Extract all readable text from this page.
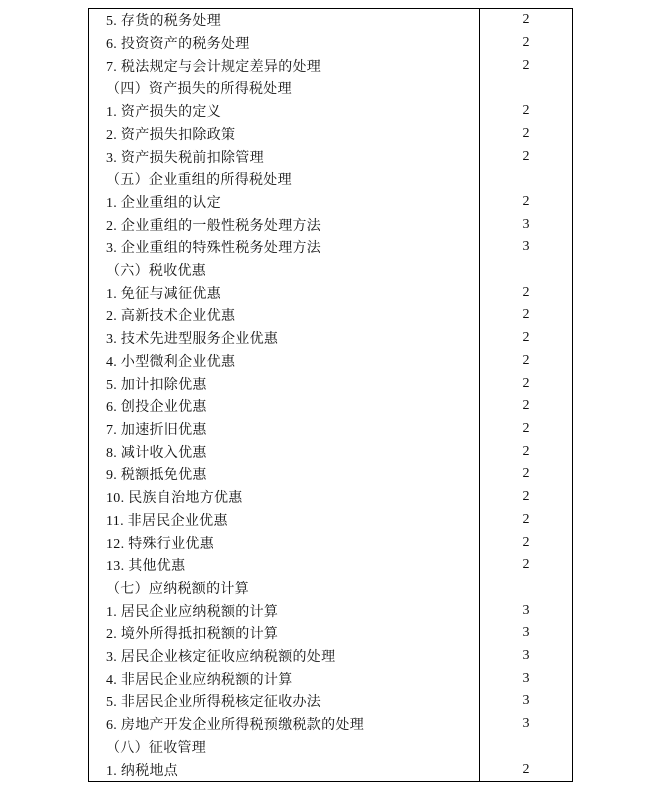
5. 存货的税务处理	2
6. 投资资产的税务处理	2
7. 税法规定与会计规定差异的处理	2
（四）资产损失的所得税处理
1. 资产损失的定义	2
2. 资产损失扣除政策	2
3. 资产损失税前扣除管理	2
（五）企业重组的所得税处理
1. 企业重组的认定	2
2. 企业重组的一般性税务处理方法	3
3. 企业重组的特殊性税务处理方法	3
（六）税收优惠
1. 免征与减征优惠	2
2. 高新技术企业优惠	2
3. 技术先进型服务企业优惠	2
4. 小型微利企业优惠	2
5. 加计扣除优惠	2
6. 创投企业优惠	2
7. 加速折旧优惠	2
8. 减计收入优惠	2
9. 税额抵免优惠	2
10. 民族自治地方优惠	2
11. 非居民企业优惠	2
12. 特殊行业优惠	2
13. 其他优惠	2
（七）应纳税额的计算
1. 居民企业应纳税额的计算	3
2. 境外所得抵扣税额的计算	3
3. 居民企业核定征收应纳税额的处理	3
4. 非居民企业应纳税额的计算	3
5. 非居民企业所得税核定征收办法	3
6. 房地产开发企业所得税预缴税款的处理	3
（八）征收管理
1. 纳税地点	2
